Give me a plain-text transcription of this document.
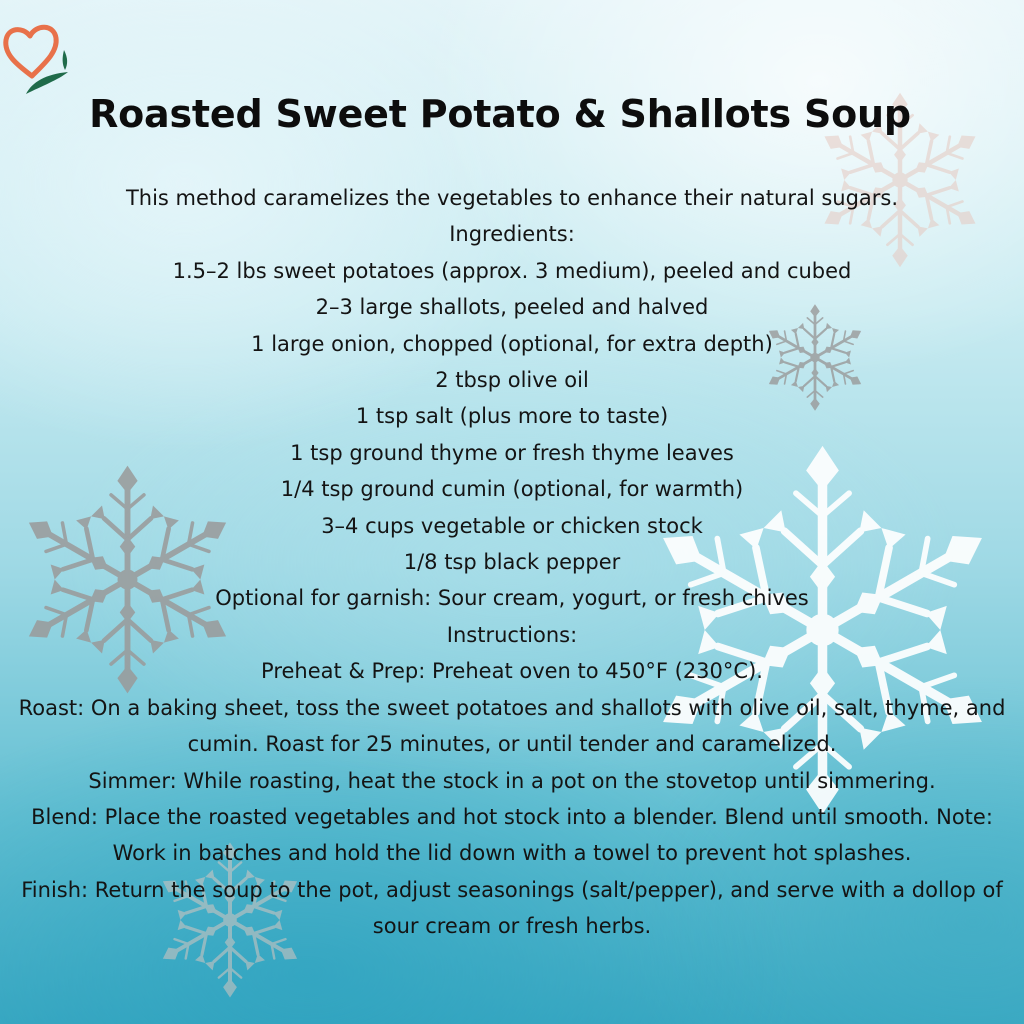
Roasted Sweet Potato & Shallots Soup

This method caramelizes the vegetables to enhance their natural sugars.

Ingredients:

1.5–2 lbs sweet potatoes (approx. 3 medium), peeled and cubed

2–3 large shallots, peeled and halved

1 large onion, chopped (optional, for extra depth)

2 tbsp olive oil

1 tsp salt (plus more to taste)

1 tsp ground thyme or fresh thyme leaves

1/4 tsp ground cumin (optional, for warmth)

3–4 cups vegetable or chicken stock

1/8 tsp black pepper

Optional for garnish: Sour cream, yogurt, or fresh chives

Instructions:

Preheat & Prep: Preheat oven to 450°F (230°C).

Roast: On a baking sheet, toss the sweet potatoes and shallots with olive oil, salt, thyme, and cumin. Roast for 25 minutes, or until tender and caramelized.

Simmer: While roasting, heat the stock in a pot on the stovetop until simmering.

Blend: Place the roasted vegetables and hot stock into a blender. Blend until smooth. Note: Work in batches and hold the lid down with a towel to prevent hot splashes.

Finish: Return the soup to the pot, adjust seasonings (salt/pepper), and serve with a dollop of sour cream or fresh herbs.
